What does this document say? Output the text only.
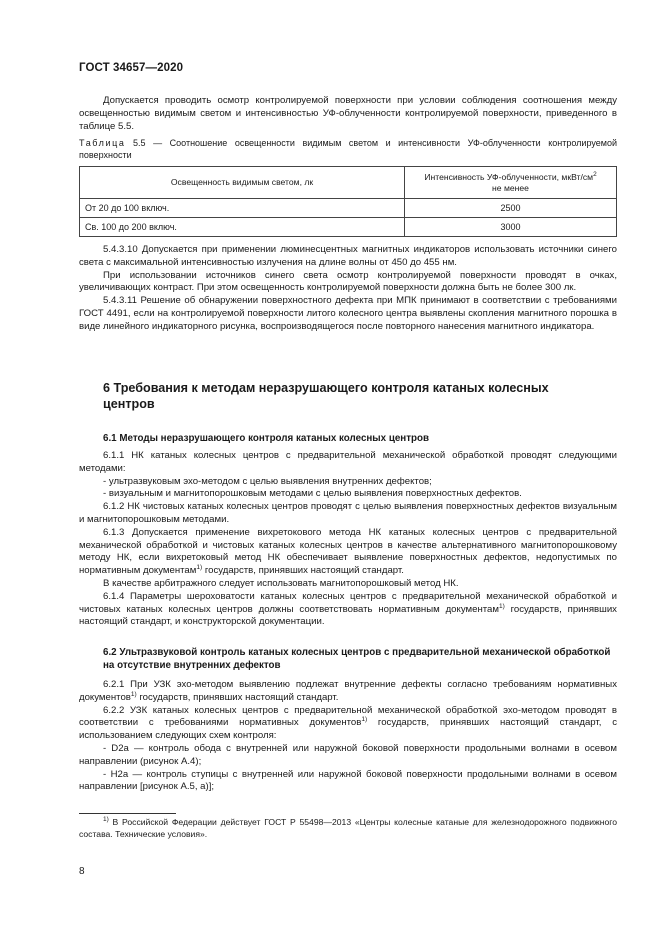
ГОСТ 34657—2020

Допускается проводить осмотр контролируемой поверхности при условии соблюдения соотношения между освещенностью видимым светом и интенсивностью УФ-облученности контролируемой поверхности, приведенного в таблице 5.5.

Таблица 5.5 — Соотношение освещенности видимым светом и интенсивности УФ-облученности контролируемой поверхности

Освещенность видимым светом, лк	Интенсивность УФ-облученности, мкВт/$см^2$
не менее
От 20 до 100 включ.	2500
Св. 100 до 200 включ.	3000

5.4.3.10 Допускается при применении люминесцентных магнитных индикаторов использовать источники синего света с максимальной интенсивностью излучения на длине волны от 450 до 455 нм.

При использовании источников синего света осмотр контролируемой поверхности проводят в очках, увеличивающих контраст. При этом освещенность контролируемой поверхности должна быть не более 300 лк.

5.4.3.11 Решение об обнаружении поверхностного дефекта при МПК принимают в соответствии с требованиями ГОСТ 4491, если на контролируемой поверхности литого колесного центра выявлены скопления магнитного порошка в виде линейного индикаторного рисунка, воспроизводящегося после повторного нанесения магнитного индикатора.

6 Требования к методам неразрушающего контроля катаных колесных центров
6.1 Методы неразрушающего контроля катаных колесных центров

6.1.1 НК катаных колесных центров с предварительной механической обработкой проводят следующими методами:

- ультразвуковым эхо-методом с целью выявления внутренних дефектов;

- визуальным и магнитопорошковым методами с целью выявления поверхностных дефектов.

6.1.2 НК чистовых катаных колесных центров проводят с целью выявления поверхностных дефектов визуальным и магнитопорошковым методами.

6.1.3 Допускается применение вихретокового метода НК катаных колесных центров с предварительной механической обработкой и чистовых катаных колесных центров в качестве альтернативного магнитопорошковому методу НК, если вихретоковый метод НК обеспечивает выявление поверхностных дефектов, недопустимых по нормативным документам$^{1)}$ государств, принявших настоящий стандарт.

В качестве арбитражного следует использовать магнитопорошковый метод НК.

6.1.4 Параметры шероховатости катаных колесных центров с предварительной механической обработкой и чистовых катаных колесных центров должны соответствовать нормативным документам$^{1)}$ государств, принявших настоящий стандарт, и конструкторской документации.

6.2 Ультразвуковой контроль катаных колесных центров с предварительной механической обработкой на отсутствие внутренних дефектов

6.2.1 При УЗК эхо-методом выявлению подлежат внутренние дефекты согласно требованиям нормативных документов$^{1)}$ государств, принявших настоящий стандарт.

6.2.2 УЗК катаных колесных центров с предварительной механической обработкой эхо-методом проводят в соответствии с требованиями нормативных документов$^{1)}$ государств, принявших настоящий стандарт, с использованием следующих схем контроля:

- D2a — контроль обода с внутренней или наружной боковой поверхности продольными волнами в осевом направлении (рисунок А.4);

- H2a — контроль ступицы с внутренней или наружной боковой поверхности продольными волнами в осевом направлении [рисунок А.5, а)];

$^{1)}$ В Российской Федерации действует ГОСТ Р 55498—2013 «Центры колесные катаные для железнодорожного подвижного состава. Технические условия».

8
